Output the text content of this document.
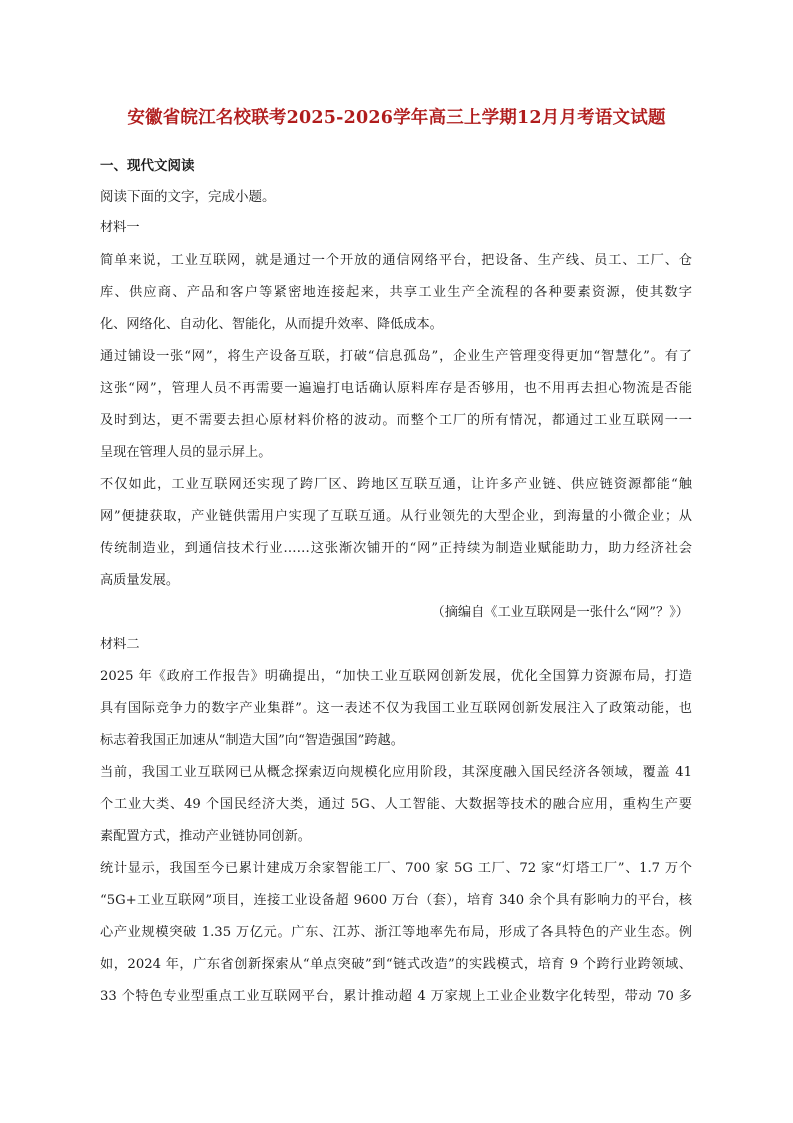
安徽省皖江名校联考2025-2026学年高三上学期12月月考语文试题
一、现代文阅读
阅读下面的文字，完成小题。
材料一
简单来说，工业互联网，就是通过一个开放的通信网络平台，把设备、生产线、员工、工厂、仓
库、供应商、产品和客户等紧密地连接起来，共享工业生产全流程的各种要素资源，使其数字
化、网络化、自动化、智能化，从而提升效率、降低成本。
通过铺设一张“网”，将生产设备互联，打破“信息孤岛”，企业生产管理变得更加“智慧化”。有了
这张“网”，管理人员不再需要一遍遍打电话确认原料库存是否够用，也不用再去担心物流是否能
及时到达，更不需要去担心原材料价格的波动。而整个工厂的所有情况，都通过工业互联网一一
呈现在管理人员的显示屏上。
不仅如此，工业互联网还实现了跨厂区、跨地区互联互通，让许多产业链、供应链资源都能“触
网”便捷获取，产业链供需用户实现了互联互通。从行业领先的大型企业，到海量的小微企业；从
传统制造业，到通信技术行业……这张渐次铺开的“网”正持续为制造业赋能助力，助力经济社会
高质量发展。
（摘编自《工业互联网是一张什么“网”？》）
材料二
2025 年《政府工作报告》明确提出，“加快工业互联网创新发展，优化全国算力资源布局，打造
具有国际竞争力的数字产业集群”。这一表述不仅为我国工业互联网创新发展注入了政策动能，也
标志着我国正加速从“制造大国”向“智造强国”跨越。
当前，我国工业互联网已从概念探索迈向规模化应用阶段，其深度融入国民经济各领域，覆盖 41
个工业大类、49 个国民经济大类，通过 5G、人工智能、大数据等技术的融合应用，重构生产要
素配置方式，推动产业链协同创新。
统计显示，我国至今已累计建成万余家智能工厂、700 家 5G 工厂、72 家“灯塔工厂”、1.7 万个
“5G+工业互联网”项目，连接工业设备超 9600 万台（套），培育 340 余个具有影响力的平台，核
心产业规模突破 1.35 万亿元。广东、江苏、浙江等地率先布局，形成了各具特色的产业生态。例
如，2024 年，广东省创新探索从“单点突破”到“链式改造”的实践模式，培育 9 个跨行业跨领域、
33 个特色专业型重点工业互联网平台，累计推动超 4 万家规上工业企业数字化转型，带动 70 多
